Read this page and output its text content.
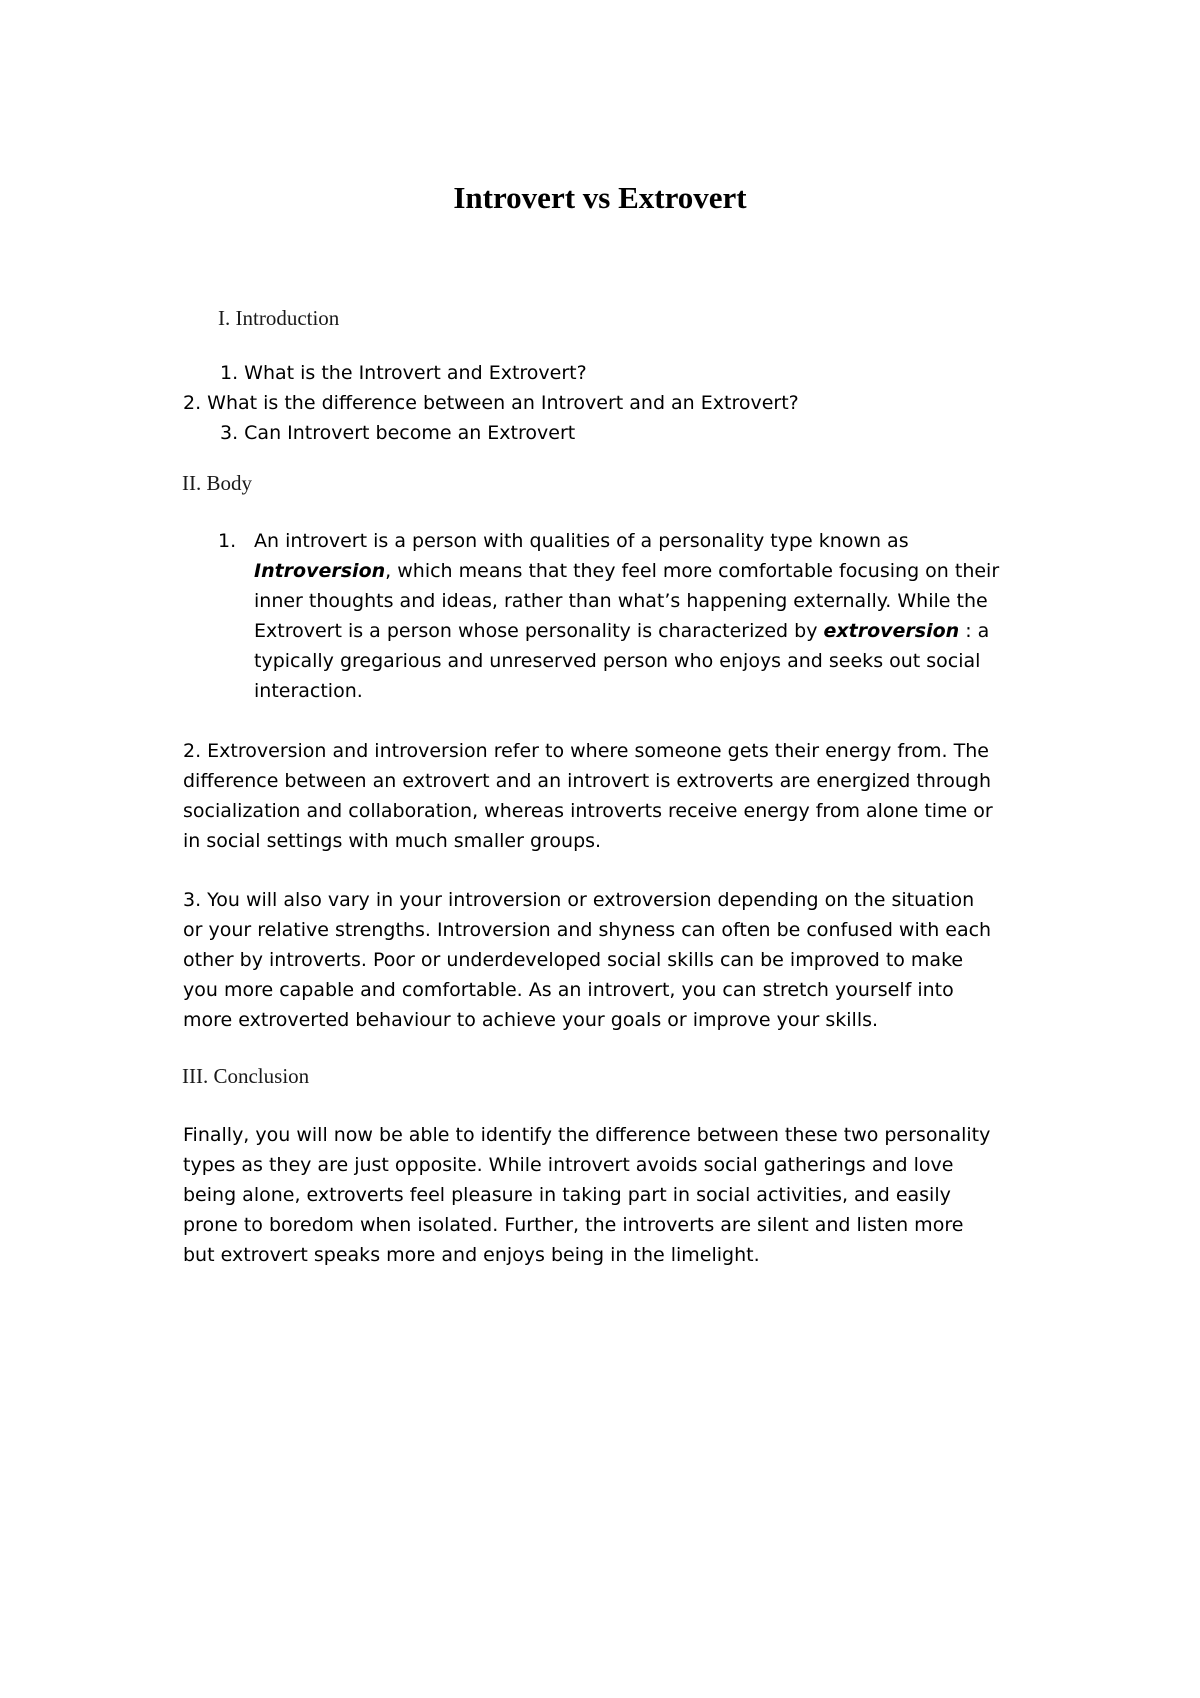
Introvert vs Extrovert
I. Introduction
1. What is the Introvert and Extrovert?
2. What is the difference between an Introvert and an Extrovert?
3. Can Introvert become an Extrovert
II. Body
1. An introvert is a person with qualities of a personality type known as
Introversion, which means that they feel more comfortable focusing on their
inner thoughts and ideas, rather than what’s happening externally. While the
Extrovert is a person whose personality is characterized by extroversion : a
typically gregarious and unreserved person who enjoys and seeks out social
interaction.
2. Extroversion and introversion refer to where someone gets their energy from. The
difference between an extrovert and an introvert is extroverts are energized through
socialization and collaboration, whereas introverts receive energy from alone time or
in social settings with much smaller groups.
3. You will also vary in your introversion or extroversion depending on the situation
or your relative strengths. Introversion and shyness can often be confused with each
other by introverts. Poor or underdeveloped social skills can be improved to make
you more capable and comfortable. As an introvert, you can stretch yourself into
more extroverted behaviour to achieve your goals or improve your skills.
III. Conclusion
Finally, you will now be able to identify the difference between these two personality
types as they are just opposite. While introvert avoids social gatherings and love
being alone, extroverts feel pleasure in taking part in social activities, and easily
prone to boredom when isolated. Further, the introverts are silent and listen more
but extrovert speaks more and enjoys being in the limelight.
